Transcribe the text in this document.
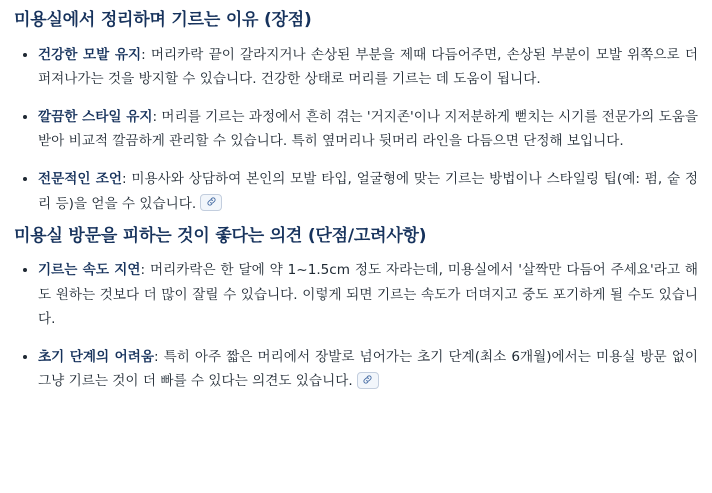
미용실에서 정리하며 기르는 이유 (장점)
건강한 모발 유지: 머리카락 끝이 갈라지거나 손상된 부분을 제때 다듬어주면, 손상된 부분이 모발 위쪽으로 더 퍼져나가는 것을 방지할 수 있습니다. 건강한 상태로 머리를 기르는 데 도움이 됩니다.
깔끔한 스타일 유지: 머리를 기르는 과정에서 흔히 겪는 '거지존'이나 지저분하게 뻗치는 시기를 전문가의 도움을 받아 비교적 깔끔하게 관리할 수 있습니다. 특히 옆머리나 뒷머리 라인을 다듬으면 단정해 보입니다.
전문적인 조언: 미용사와 상담하여 본인의 모발 타입, 얼굴형에 맞는 기르는 방법이나 스타일링 팁(예: 펌, 숱 정리 등)을 얻을 수 있습니다.
미용실 방문을 피하는 것이 좋다는 의견 (단점/고려사항)
기르는 속도 지연: 머리카락은 한 달에 약 1~1.5cm 정도 자라는데, 미용실에서 '살짝만 다듬어 주세요'라고 해도 원하는 것보다 더 많이 잘릴 수 있습니다. 이렇게 되면 기르는 속도가 더뎌지고 중도 포기하게 될 수도 있습니다.
초기 단계의 어려움: 특히 아주 짧은 머리에서 장발로 넘어가는 초기 단계(최소 6개월)에서는 미용실 방문 없이 그냥 기르는 것이 더 빠를 수 있다는 의견도 있습니다.
